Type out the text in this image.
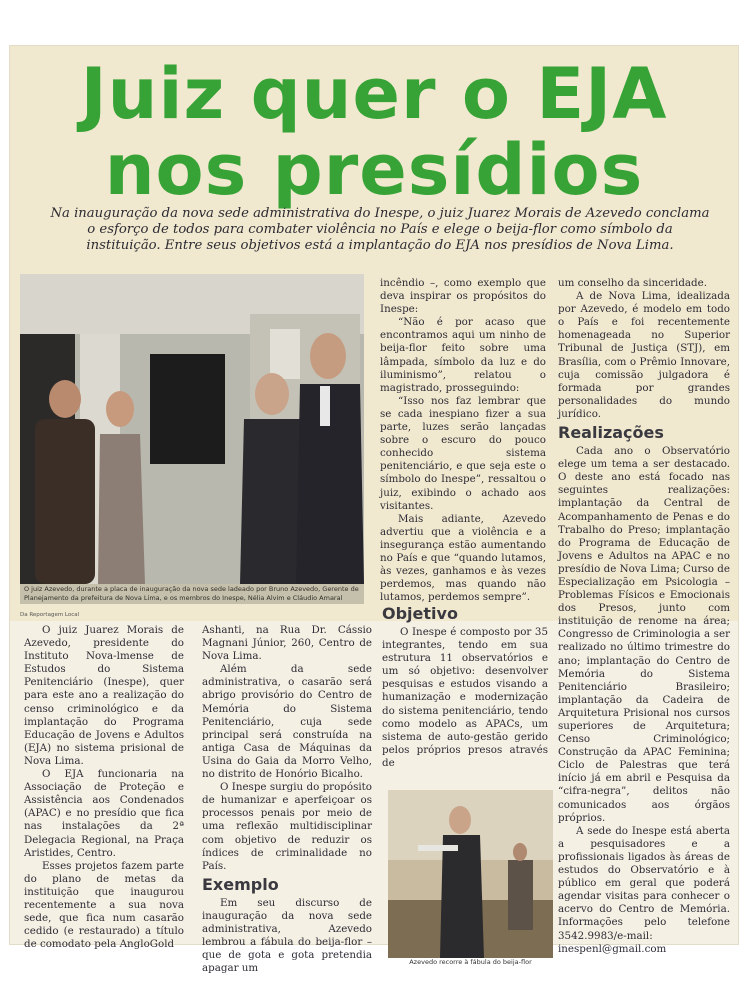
Juiz quer o EJA
nos presídios

Na inauguração da nova sede administrativa do Inespe, o juiz Juarez Morais de Azevedo conclama o esforço de todos para combater violência no País e elege o beija-flor como símbolo da instituição. Entre seus objetivos está a implantação do EJA nos presídios de Nova Lima.

O juiz Azevedo, durante a placa de inauguração da nova sede ladeado por Bruno Azevedo, Gerente de Planejamento da prefeitura de Nova Lima, e os membros do Inespe, Nélia Alvim e Cláudio Amaral

Da Reportagem Local

O juiz Juarez Morais de Azevedo, presidente do Instituto Nova-lmense de Estudos do Sistema Penitenciário (Inespe), quer para este ano a realização do censo criminológico e da implantação do Programa Educação de Jovens e Adultos (EJA) no sistema prisional de Nova Lima.

O EJA funcionaria na Associação de Proteção e Assistência aos Condenados (APAC) e no presídio que fica nas instalações da 2ª Delegacia Regional, na Praça Aristides, Centro.

Esses projetos fazem parte do plano de metas da instituição que inaugurou recentemente a sua nova sede, que fica num casarão cedido (e restaurado) a título de comodato pela AngloGold

Ashanti, na Rua Dr. Cássio Magnani Júnior, 260, Centro de Nova Lima.

Além da sede administrativa, o casarão será abrigo provisório do Centro de Memória do Sistema Penitenciário, cuja sede principal será construída na antiga Casa de Máquinas da Usina do Gaia da Morro Velho, no distrito de Honório Bicalho.

O Inespe surgiu do propósito de humanizar e aperfeiçoar os processos penais por meio de uma reflexão multidisciplinar com objetivo de reduzir os índices de criminalidade no País.

Exemplo

Em seu discurso de inauguração da nova sede administrativa, Azevedo lembrou a fábula do beija-flor – que de gota e gota pretendia apagar um

incêndio –, como exemplo que deva inspirar os propósitos do Inespe:

“Não é por acaso que encontramos aqui um ninho de beija-flor feito sobre uma lâmpada, símbolo da luz e do iluminismo”, relatou o magistrado, prosseguindo:

“Isso nos faz lembrar que se cada inespiano fizer a sua parte, luzes serão lançadas sobre o escuro do pouco conhecido sistema penitenciário, e que seja este o símbolo do Inespe”, ressaltou o juiz, exibindo o achado aos visitantes.

Mais adiante, Azevedo advertiu que a violência e a insegurança estão aumentando no País e que “quando lutamos, às vezes, ganhamos e às vezes perdemos, mas quando não lutamos, perdemos sempre”.

Objetivo

O Inespe é composto por 35 integrantes, tendo em sua estrutura 11 observatórios e um só objetivo: desenvolver pesquisas e estudos visando a humanização e modernização do sistema penitenciário, tendo como modelo as APACs, um sistema de auto-gestão gerido pelos próprios presos através de

Azevedo recorre à fábula do beija-flor

um conselho da sinceridade.

A de Nova Lima, idealizada por Azevedo, é modelo em todo o País e foi recentemente homenageada no Superior Tribunal de Justiça (STJ), em Brasília, com o Prêmio Innovare, cuja comissão julgadora é formada por grandes personalidades do mundo jurídico.

Realizações

Cada ano o Observatório elege um tema a ser destacado. O deste ano está focado nas seguintes realizações: implantação da Central de Acompanhamento de Penas e do Trabalho do Preso; implantação do Programa de Educação de Jovens e Adultos na APAC e no presídio de Nova Lima; Curso de Especialização em Psicologia – Problemas Físicos e Emocionais dos Presos, junto com instituição de renome na área; Congresso de Criminologia a ser realizado no último trimestre do ano; implantação do Centro de Memória do Sistema Penitenciário Brasileiro; implantação da Cadeira de Arquitetura Prisional nos cursos superiores de Arquitetura; Censo Criminológico; Construção da APAC Feminina; Ciclo de Palestras que terá início já em abril e Pesquisa da “cifra-negra”, delitos não comunicados aos órgãos próprios.

A sede do Inespe está aberta a pesquisadores e a profissionais ligados às áreas de estudos do Observatório e à público em geral que poderá agendar visitas para conhecer o acervo do Centro de Memória. Informações pelo telefone 3542.9983/e-mail: inespenl@gmail.com
